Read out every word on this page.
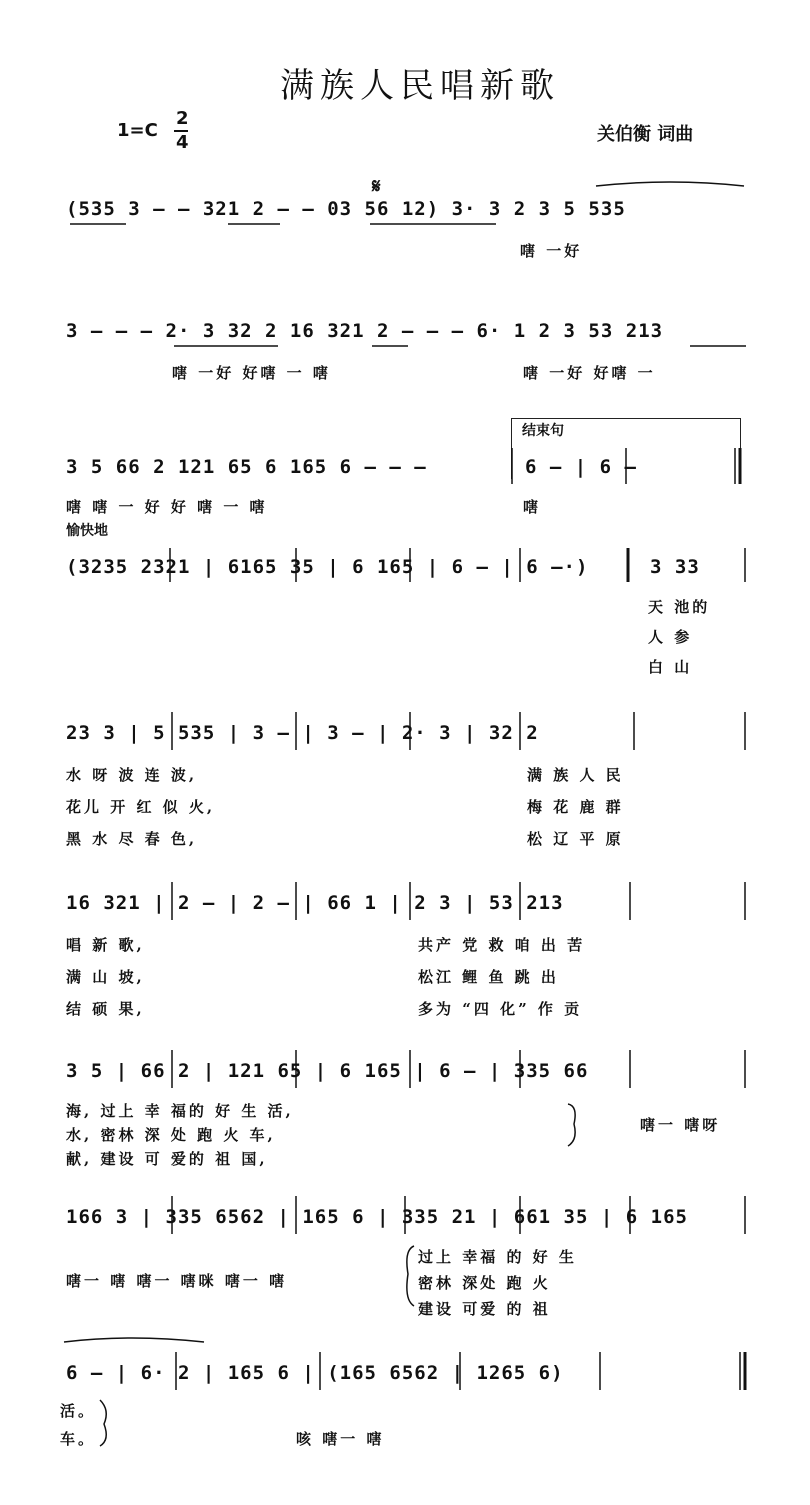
满族人民唱新歌
1=C
2
4	关伯衡 词曲
(535 3 — — 321 2 — — 03 56 12) 3· 3 2 3 5 535
𝄋
嗐 一好
3 — — — 2· 3 32 2 16 321 2 — — — 6· 1 2 3 53 213
嗐 一好 好嗐 一 嗐	嗐 一好 好嗐 一
3 5 66 2 121 65 6 165 6 — — —
结束句
6 — | 6 —
嗐 嗐 一 好 好 嗐 一 嗐	嗐
愉快地
(3235 2321 | 6165 35 | 6 165 | 6 — | 6 —·)	3 33
天 池的
人 参
白 山
23 3 | 5 535 | 3 — | 3 — | 2· 3 | 32 2
水 呀 波 连 波,	满 族 人 民
花儿 开 红 似 火,	梅 花 鹿 群
黑 水 尽 春 色,	松 辽 平 原
16 321 | 2 — | 2 — | 66 1 | 2 3 | 53 213
唱 新 歌,	共产 党 救 咱 出 苦
满 山 坡,	松江 鲤 鱼 跳 出
结 硕 果,	多为 “四 化” 作 贡
3 5 | 66 2 | 121 65 | 6 165 | 6 — | 335 66
海, 过上 幸 福的 好 生 活,
水, 密林 深 处 跑 火 车,
献, 建设 可 爱的 祖 国,
嗐一 嗐呀
166 3 | 335 6562 | 165 6 | 335 21 | 661 35 | 6 165
嗐一 嗐 嗐一 嗐咪 嗐一 嗐
过上 幸福 的 好 生
密林 深处 跑 火
建设 可爱 的 祖
6 — | 6· 2 | 165 6 | (165 6562 | 1265 6)
活。
车。	咳 嗐一 嗐
